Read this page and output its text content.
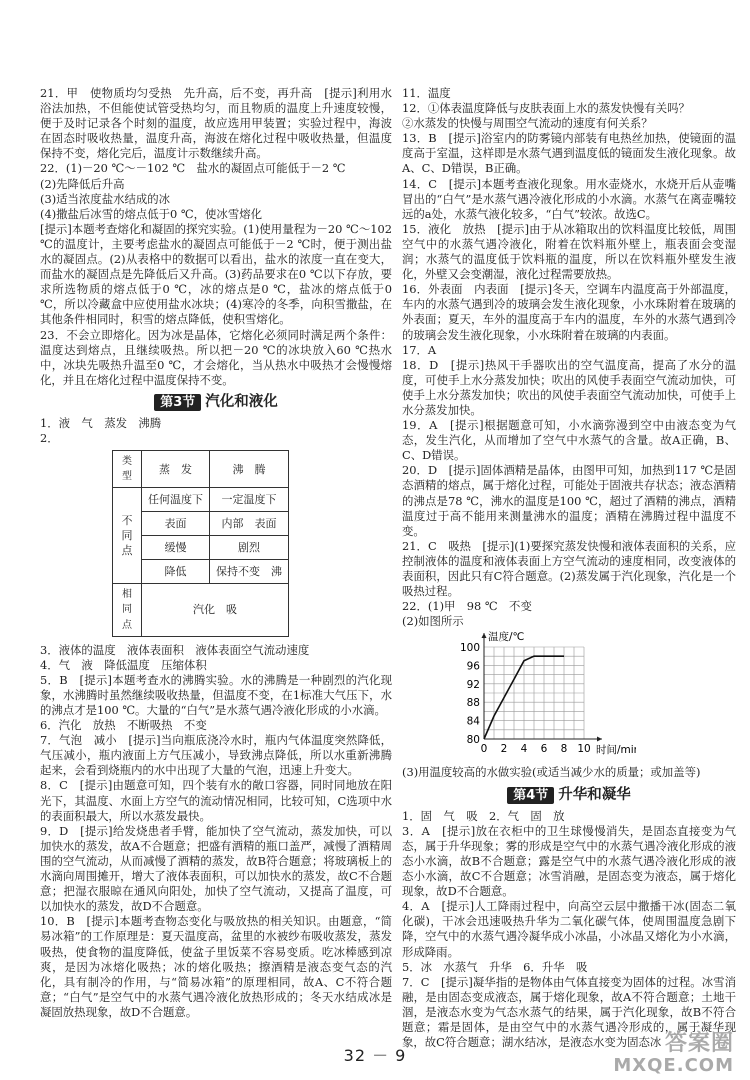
21．甲　使物质均匀受热　先升高，后不变，再升高　[提示]利用水浴法加热，不但能使试管受热均匀，而且物质的温度上升速度较慢，便于及时记录各个时刻的温度，故应选用甲装置；实验过程中，海波在固态时吸收热量，温度升高，海波在熔化过程中吸收热量，但温度保持不变，熔化完后，温度计示数继续升高。

22．(1)－20 ℃～－102 ℃　盐水的凝固点可能低于－2 ℃

(2)先降低后升高

(3)适当浓度盐水结成的冰

(4)撒盐后冰雪的熔点低于0 ℃，使冰雪熔化

[提示]本题考查熔化和凝固的探究实验。(1)使用量程为－20 ℃～102 ℃的温度计，主要考虑盐水的凝固点可能低于－2 ℃时，便于测出盐水的凝固点。(2)从表格中的数据可以看出，盐水的浓度一直在变大，而盐水的凝固点是先降低后又升高。(3)药品要求在0 ℃以下存放，要求所选物质的熔点低于0 ℃，冰的熔点是0 ℃，盐冰的熔点低于0 ℃，所以冷藏盒中应使用盐水冰块；(4)寒冷的冬季，向积雪撒盐，在其他条件相同时，积雪的熔点降低，使积雪熔化。

23．不会立即熔化。因为冰是晶体，它熔化必须同时满足两个条件：温度达到熔点，且继续吸热。所以把－20 ℃的冰块放入60 ℃热水中，冰块先吸热升温至0 ℃，才会熔化，当从热水中吸热才会慢慢熔化，并且在熔化过程中温度保持不变。

第3节 汽化和液化

1．液　气　蒸发　沸腾

2．

类型	蒸　发	沸　腾
不同点	任何温度下	一定温度下
	表面	内部　表面
	缓慢	剧烈
	降低	保持不变　沸
相同点	汽化　吸	

3．液体的温度　液体表面积　液体表面空气流动速度

4．气　液　降低温度　压缩体积

5．B　[提示]本题考查水的沸腾实验。水的沸腾是一种剧烈的汽化现象，水沸腾时虽然继续吸收热量，但温度不变，在1标准大气压下，水的沸点才是100 ℃。大量的“白气”是水蒸气遇冷液化形成的小水滴。

6．汽化　放热　不断吸热　不变

7．气泡　减小　[提示]当向瓶底浇冷水时，瓶内气体温度突然降低，气压减小，瓶内液面上方气压减小，导致沸点降低，所以水重新沸腾起来，会看到烧瓶内的水中出现了大量的气泡，迅速上升变大。

8．C　[提示]由题意可知，四个装有水的敞口容器，同时同地放在阳光下，其温度、水面上方空气的流动情况相同，比较可知，C选项中水的表面积最大，所以水蒸发最快。

9．D　[提示]给发烧患者手臂，能加快了空气流动，蒸发加快，可以加快水的蒸发，故A不合题意；把盛有酒精的瓶口盖严，减慢了酒精周围的空气流动，从而减慢了酒精的蒸发，故B符合题意；将玻璃板上的水滴向周围摊开，增大了液体表面积，可以加快水的蒸发，故C不合题意；把湿衣服晾在通风向阳处，加快了空气流动，又提高了温度，可以加快水的蒸发，故D不合题意。

10．B　[提示]本题考查物态变化与吸放热的相关知识。由题意，“简易冰箱”的工作原理是：夏天温度高，盆里的水被纱布吸收蒸发，蒸发吸热，使食物的温度降低，使盆子里饭菜不容易变质。吃冰棒感到凉爽，是因为冰熔化吸热；冰的熔化吸热；擦酒精是液态变气态的汽化，具有制冷的作用，与“简易冰箱”的原理相同，故A、C不符合题意；“白气”是空气中的水蒸气遇冷液化放热形成的；冬天水结成冰是凝固放热现象，故D不合题意。

11．温度

12．①体表温度降低与皮肤表面上水的蒸发快慢有关吗？

②水蒸发的快慢与周围空气流动的速度有何关系？

13．B　[提示]浴室内的防雾镜内部装有电热丝加热，使镜面的温度高于室温，这样即是水蒸气遇到温度低的镜面发生液化现象。故A、C、D错误，B正确。

14．C　[提示]本题考查液化现象。用水壶烧水，水烧开后从壶嘴冒出的“白气”是水蒸气遇冷液化形成的小水滴。水蒸气在离壶嘴较远的a处，水蒸气液化较多，“白气”较浓。故选C。

15．液化　放热　[提示]由于从冰箱取出的饮料温度比较低，周围空气中的水蒸气遇冷液化，附着在饮料瓶外壁上，瓶表面会变湿润；水蒸气的温度低于饮料瓶的温度，所以在饮料瓶外壁发生液化，外壁又会变潮湿，液化过程需要放热。

16．外表面　内表面　[提示]冬天，空调车内温度高于外部温度，车内的水蒸气遇到冷的玻璃会发生液化现象，小水珠附着在玻璃的外表面；夏天，车外的温度高于车内的温度，车外的水蒸气遇到冷的玻璃会发生液化现象，小水珠附着在玻璃的内表面。

17．A

18．D　[提示]热风干手器吹出的空气温度高，提高了水分的温度，可使手上水分蒸发加快；吹出的风使手表面空气流动加快，可使手上水分蒸发加快；吹出的风使手表面空气流动加快，可使手上水分蒸发加快。

19．A　[提示]根据题意可知，小水滴弥漫到空中由液态变为气态，发生汽化，从而增加了空气中水蒸气的含量。故A正确，B、C、D错误。

20．D　[提示]固体酒精是晶体，由图甲可知，加热到117 ℃是固态酒精的熔点，属于熔化过程，可能处于固液共存状态；液态酒精的沸点是78 ℃，沸水的温度是100 ℃，超过了酒精的沸点，酒精温度过于高不能用来测量沸水的温度；酒精在沸腾过程中温度不变。

21．C　吸热　[提示](1)要探究蒸发快慢和液体表面积的关系，应控制液体的温度和液体表面上方空气流动的速度相同，改变液体的表面积，因此只有C符合题意。(2)蒸发属于汽化现象，汽化是一个吸热过程。

22．(1)甲　98 ℃　不变

(2)如图所示

80
84
88
92
96
100
0 2 4 6 8 10
温度/℃
时间/min

(3)用温度较高的水做实验(或适当减少水的质量；或加盖等)

第4节 升华和凝华

1．固　气　吸　2．气　固　放

3．A　[提示]放在衣柜中的卫生球慢慢消失，是固态直接变为气态，属于升华现象；雾的形成是空气中的水蒸气遇冷液化形成的液态小水滴，故B不合题意；露是空气中的水蒸气遇冷液化形成的液态小水滴，故C不合题意；冰雪消融，是固态变为液态，属于熔化现象，故D不合题意。

4．A　[提示]人工降雨过程中，向高空云层中撒播干冰(固态二氧化碳)，干冰会迅速吸热升华为二氧化碳气体，使周围温度急剧下降，空气中的水蒸气遇冷凝华成小冰晶，小冰晶又熔化为小水滴，形成降雨。

5．冰　水蒸气　升华　6．升华　吸

7．C　[提示]凝华指的是物体由气体直接变为固体的过程。冰雪消融，是由固态变成液态，属于熔化现象，故A不符合题意；土地干涸，是液态水变为气态水蒸气的结果，属于汽化现象，故B不符合题意；霜是固体，是由空气中的水蒸气遇冷形成的，属于凝华现象，故C符合题意；湖水结冰，是液态水变为固态冰

32 － 9	答案圈
MXQE.COM
